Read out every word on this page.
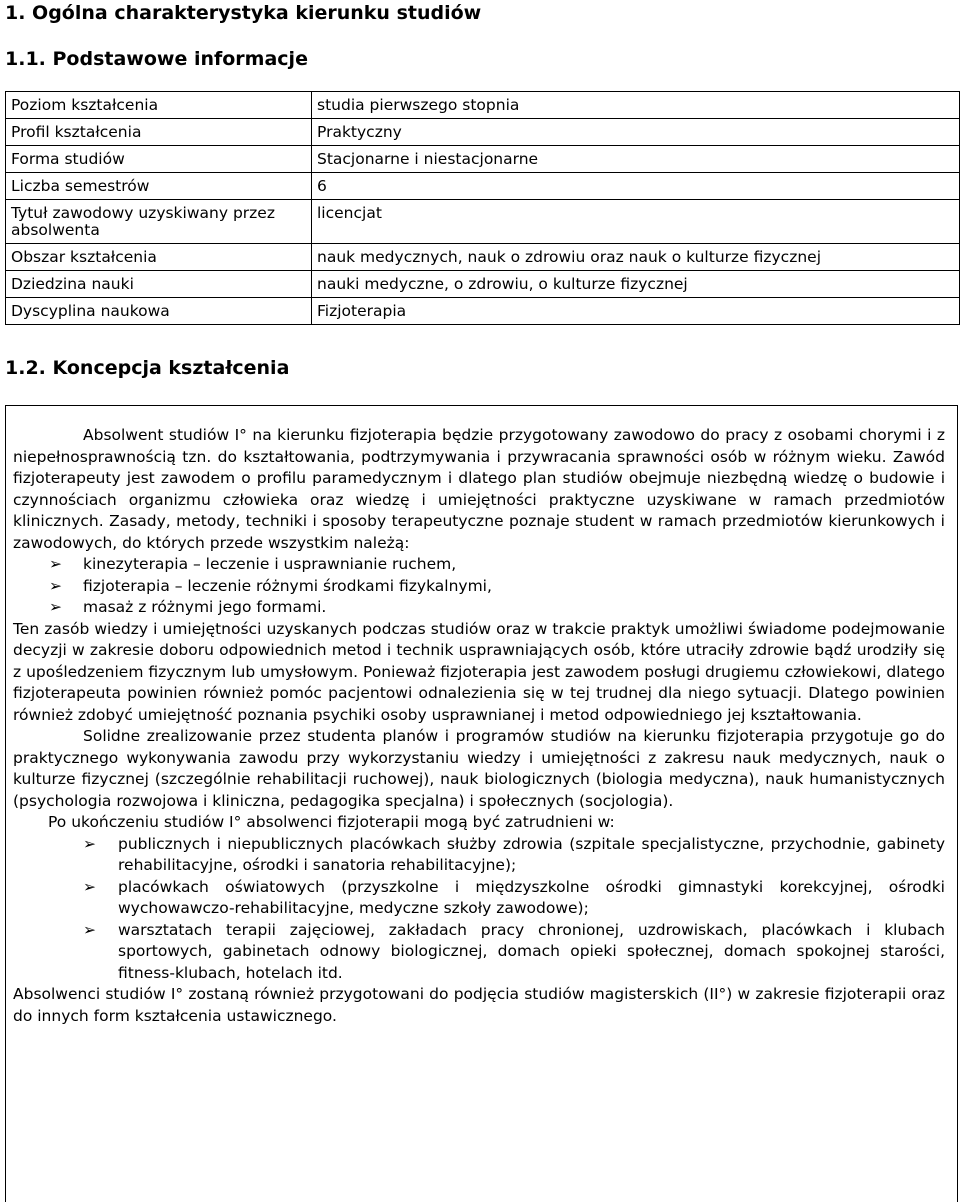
1. Ogólna charakterystyka kierunku studiów
1.1. Podstawowe informacje
Poziom kształcenia	studia pierwszego stopnia
Profil kształcenia	Praktyczny
Forma studiów	Stacjonarne i niestacjonarne
Liczba semestrów	6
Tytuł zawodowy uzyskiwany przez absolwenta	licencjat
Obszar kształcenia	nauk medycznych, nauk o zdrowiu oraz nauk o kulturze fizycznej
Dziedzina nauki	nauki medyczne, o zdrowiu, o kulturze fizycznej
Dyscyplina naukowa	Fizjoterapia
1.2. Koncepcja kształcenia

Absolwent studiów I° na kierunku fizjoterapia będzie przygotowany zawodowo do pracy z osobami chorymi i z niepełnosprawnością tzn. do kształtowania, podtrzymywania i przywracania sprawności osób w różnym wieku. Zawód fizjoterapeuty jest zawodem o profilu paramedycznym i dlatego plan studiów obejmuje niezbędną wiedzę o budowie i czynnościach organizmu człowieka oraz wiedzę i umiejętności praktyczne uzyskiwane w ramach przedmiotów klinicznych. Zasady, metody, techniki i sposoby terapeutyczne poznaje student w ramach przedmiotów kierunkowych i zawodowych, do których przede wszystkim należą:

➢ kinezyterapia – leczenie i usprawnianie ruchem,
➢ fizjoterapia – leczenie różnymi środkami fizykalnymi,
➢ masaż z różnymi jego formami.

Ten zasób wiedzy i umiejętności uzyskanych podczas studiów oraz w trakcie praktyk umożliwi świadome podejmowanie decyzji w zakresie doboru odpowiednich metod i technik usprawniających osób, które utraciły zdrowie bądź urodziły się z upośledzeniem fizycznym lub umysłowym. Ponieważ fizjoterapia jest zawodem posługi drugiemu człowiekowi, dlatego fizjoterapeuta powinien również pomóc pacjentowi odnalezienia się w tej trudnej dla niego sytuacji. Dlatego powinien również zdobyć umiejętność poznania psychiki osoby usprawnianej i metod odpowiedniego jej kształtowania.

Solidne zrealizowanie przez studenta planów i programów studiów na kierunku fizjoterapia przygotuje go do praktycznego wykonywania zawodu przy wykorzystaniu wiedzy i umiejętności z zakresu nauk medycznych, nauk o kulturze fizycznej (szczególnie rehabilitacji ruchowej), nauk biologicznych (biologia medyczna), nauk humanistycznych (psychologia rozwojowa i kliniczna, pedagogika specjalna) i społecznych (socjologia).

Po ukończeniu studiów I° absolwenci fizjoterapii mogą być zatrudnieni w:

➢ publicznych i niepublicznych placówkach służby zdrowia (szpitale specjalistyczne, przychodnie, gabinety rehabilitacyjne, ośrodki i sanatoria rehabilitacyjne);
➢ placówkach oświatowych (przyszkolne i międzyszkolne ośrodki gimnastyki korekcyjnej, ośrodki wychowawczo-rehabilitacyjne, medyczne szkoły zawodowe);
➢ warsztatach terapii zajęciowej, zakładach pracy chronionej, uzdrowiskach, placówkach i klubach sportowych, gabinetach odnowy biologicznej, domach opieki społecznej, domach spokojnej starości, fitness-klubach, hotelach itd.

Absolwenci studiów I° zostaną również przygotowani do podjęcia studiów magisterskich (II°) w zakresie fizjoterapii oraz do innych form kształcenia ustawicznego.
